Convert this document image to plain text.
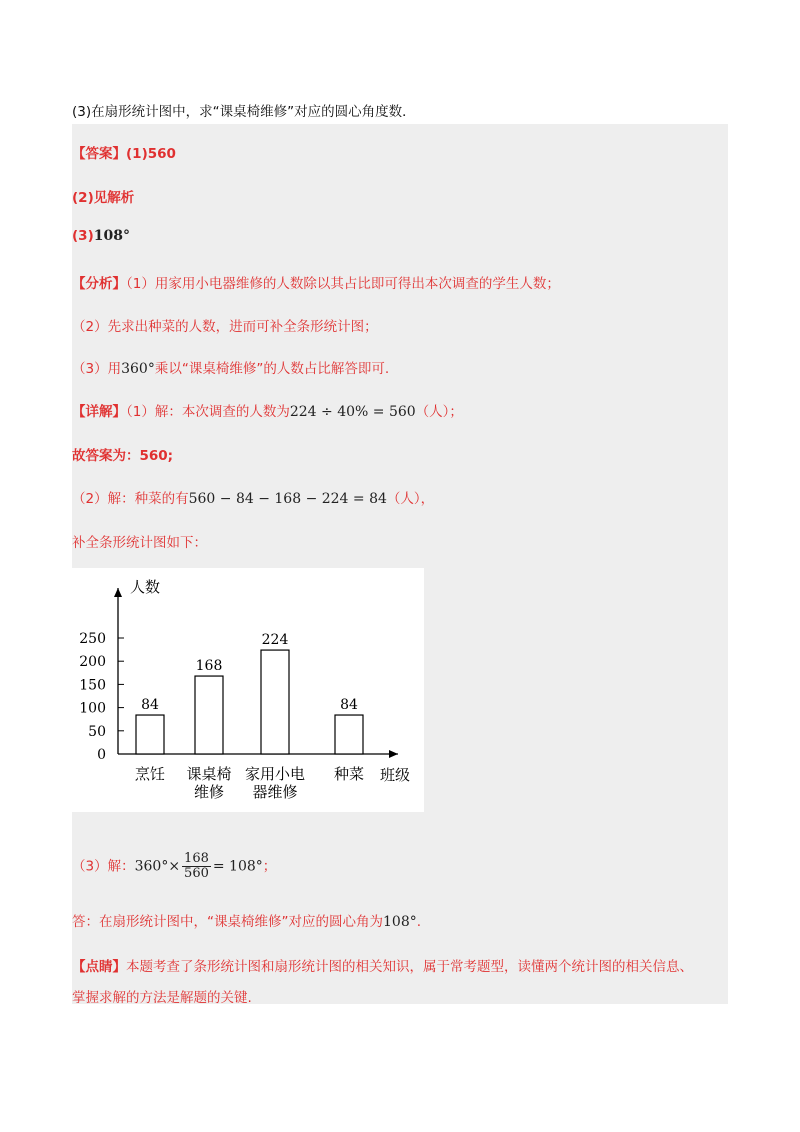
(3)在扇形统计图中，求“课桌椅维修”对应的圆心角度数．
【答案】(1)560
(2)见解析
(3)108°
【分析】（1）用家用小电器维修的人数除以其占比即可得出本次调查的学生人数；
（2）先求出种菜的人数，进而可补全条形统计图；
（3）用360°乘以“课桌椅维修”的人数占比解答即可.
【详解】（1）解：本次调查的人数为224 ÷ 40% = 560（人）；
故答案为：560;
（2）解：种菜的有560 − 84 − 168 − 224 = 84（人），
补全条形统计图如下：
0
50
100
150
200
250
人数
班级
84
烹饪
168
课桌椅
维修
224
家用小电
器维修
84
种菜
（3）解：$360^\circ\times \frac{168}{560} = 108^\circ$；
答：在扇形统计图中，“课桌椅维修”对应的圆心角为108°.
【点睛】本题考查了条形统计图和扇形统计图的相关知识，属于常考题型，读懂两个统计图的相关信息、
掌握求解的方法是解题的关键.
